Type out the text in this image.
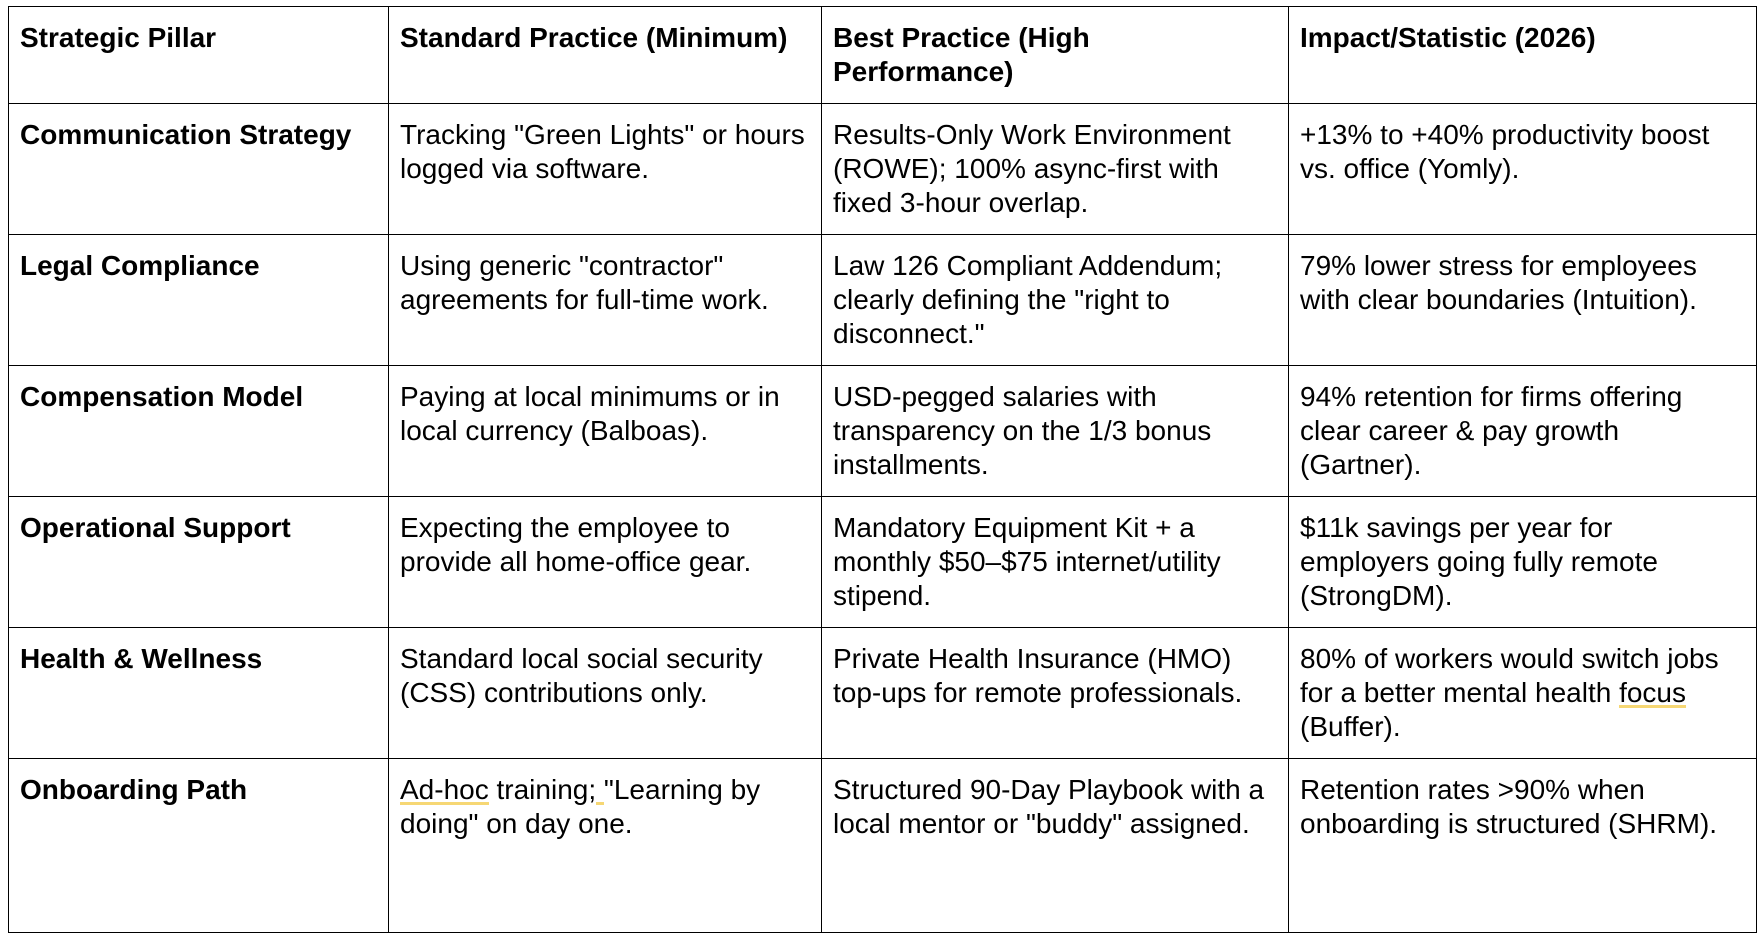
Strategic Pillar	Standard Practice (Minimum)	Best Practice (High Performance)	Impact/Statistic (2026)
Communication Strategy	Tracking "Green Lights" or hours logged via software.	Results-Only Work Environment (ROWE); 100% async-first with fixed 3-hour overlap.	+13% to +40% productivity boost vs. office (Yomly).
Legal Compliance	Using generic "contractor" agreements for full-time work.	Law 126 Compliant Addendum; clearly defining the "right to disconnect."	79% lower stress for employees with clear boundaries (Intuition).
Compensation Model	Paying at local minimums or in local currency (Balboas).	USD-pegged salaries with transparency on the 1/3 bonus installments.	94% retention for firms offering clear career & pay growth (Gartner).
Operational Support	Expecting the employee to provide all home-office gear.	Mandatory Equipment Kit + a monthly $50–$75 internet/utility stipend.	$11k savings per year for employers going fully remote (StrongDM).
Health & Wellness	Standard local social security (CSS) contributions only.	Private Health Insurance (HMO) top-ups for remote professionals.	80% of workers would switch jobs for a better mental health focus (Buffer).
Onboarding Path	Ad-hoc training; "Learning by doing" on day one.	Structured 90-Day Playbook with a local mentor or "buddy" assigned.	Retention rates >90% when onboarding is structured (SHRM).
